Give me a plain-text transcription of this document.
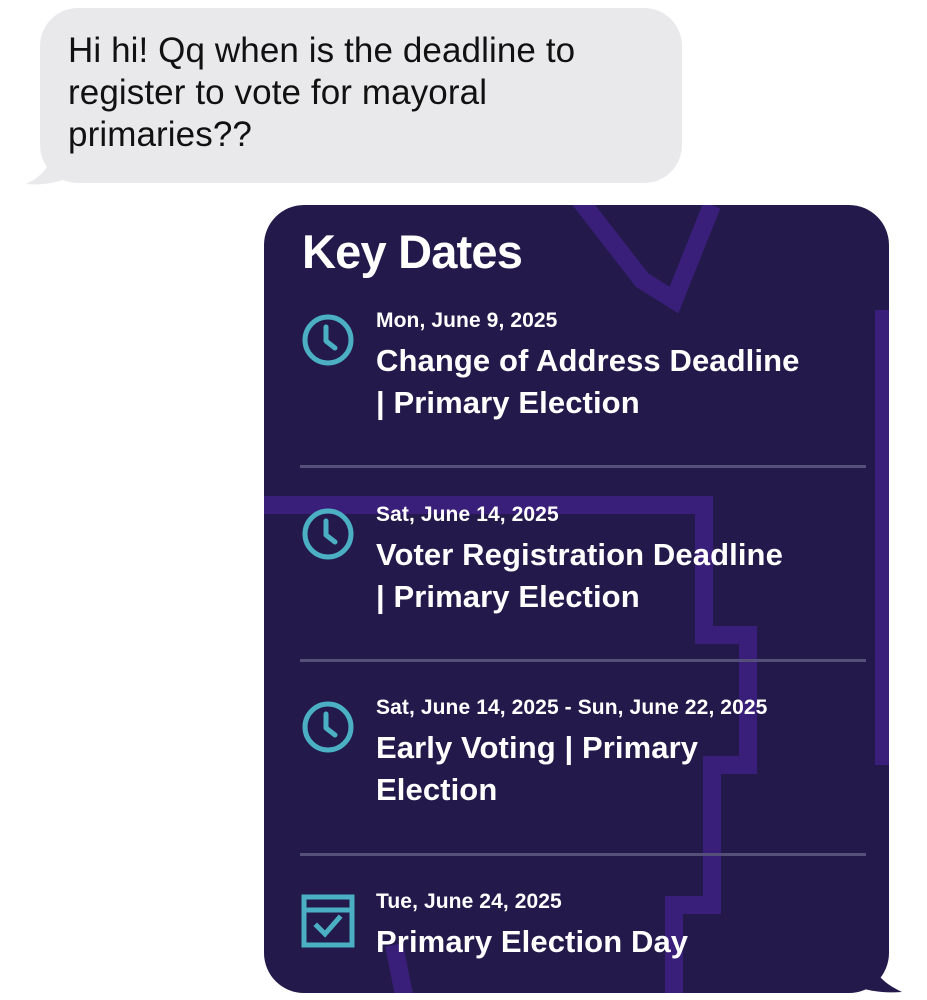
Hi hi! Qq when is the deadline to
register to vote for mayoral
primaries??
Key Dates
Mon, June 9, 2025
Change of Address Deadline
| Primary Election
Sat, June 14, 2025
Voter Registration Deadline
| Primary Election
Sat, June 14, 2025 - Sun, June 22, 2025
Early Voting | Primary
Election
Tue, June 24, 2025
Primary Election Day
